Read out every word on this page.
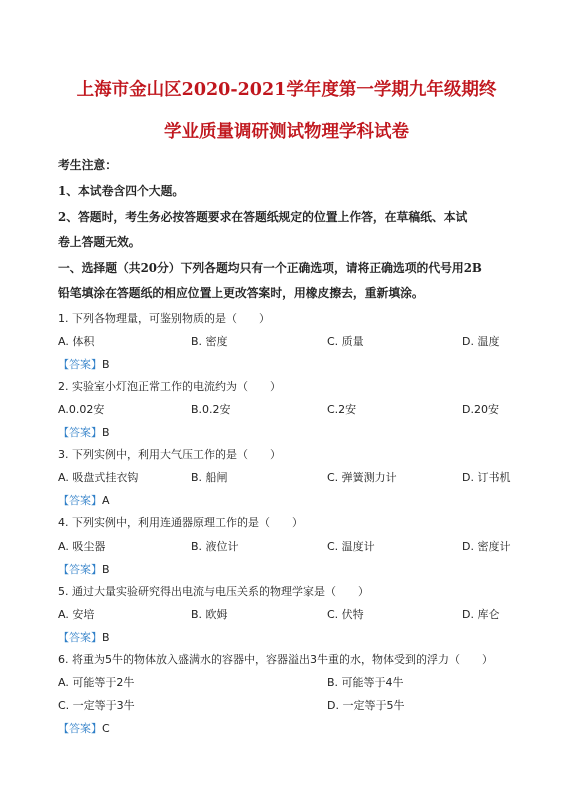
上海市金山区2020-2021学年度第一学期九年级期终
学业质量调研测试物理学科试卷
考生注意：
1、本试卷含四个大题。
2、答题时，考生务必按答题要求在答题纸规定的位置上作答，在草稿纸、本试
卷上答题无效。
一、选择题（共20分）下列各题均只有一个正确选项，请将正确选项的代号用2B
铅笔填涂在答题纸的相应位置上更改答案时，用橡皮擦去，重新填涂。
1. 下列各物理量，可鉴别物质的是（　　）
A. 体积	B. 密度	C. 质量	D. 温度
【答案】B
2. 实验室小灯泡正常工作的电流约为（　　）
A.0.02安	B.0.2安	C.2安	D.20安
【答案】B
3. 下列实例中，利用大气压工作的是（　　）
A. 吸盘式挂衣钩	B. 船闸	C. 弹簧测力计	D. 订书机
【答案】A
4. 下列实例中，利用连通器原理工作的是（　　）
A. 吸尘器	B. 液位计	C. 温度计	D. 密度计
【答案】B
5. 通过大量实验研究得出电流与电压关系的物理学家是（　　）
A. 安培	B. 欧姆	C. 伏特	D. 库仑
【答案】B
6. 将重为5牛的物体放入盛满水的容器中，容器溢出3牛重的水，物体受到的浮力（　　）
A. 可能等于2牛	B. 可能等于4牛
C. 一定等于3牛	D. 一定等于5牛
【答案】C
